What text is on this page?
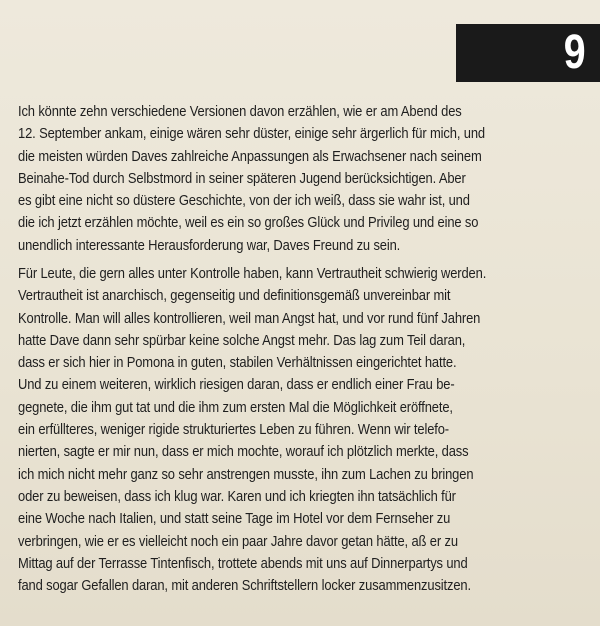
9
Ich könnte zehn verschiedene Versionen davon erzählen, wie er am Abend des
12. September ankam, einige wären sehr düster, einige sehr ärgerlich für mich, und
die meisten würden Daves zahlreiche Anpassungen als Erwachsener nach seinem
Beinahe-Tod durch Selbstmord in seiner späteren Jugend berücksichtigen. Aber
es gibt eine nicht so düstere Geschichte, von der ich weiß, dass sie wahr ist, und
die ich jetzt erzählen möchte, weil es ein so großes Glück und Privileg und eine so
unendlich interessante Herausforderung war, Daves Freund zu sein.
Für Leute, die gern alles unter Kontrolle haben, kann Vertrautheit schwierig werden.
Vertrautheit ist anarchisch, gegenseitig und definitionsgemäß unvereinbar mit
Kontrolle. Man will alles kontrollieren, weil man Angst hat, und vor rund fünf Jahren
hatte Dave dann sehr spürbar keine solche Angst mehr. Das lag zum Teil daran,
dass er sich hier in Pomona in guten, stabilen Verhältnissen eingerichtet hatte.
Und zu einem weiteren, wirklich riesigen daran, dass er endlich einer Frau be-
gegnete, die ihm gut tat und die ihm zum ersten Mal die Möglichkeit eröffnete,
ein erfüllteres, weniger rigide strukturiertes Leben zu führen. Wenn wir telefo-
nierten, sagte er mir nun, dass er mich mochte, worauf ich plötzlich merkte, dass
ich mich nicht mehr ganz so sehr anstrengen musste, ihn zum Lachen zu bringen
oder zu beweisen, dass ich klug war. Karen und ich kriegten ihn tatsächlich für
eine Woche nach Italien, und statt seine Tage im Hotel vor dem Fernseher zu
verbringen, wie er es vielleicht noch ein paar Jahre davor getan hätte, aß er zu
Mittag auf der Terrasse Tintenfisch, trottete abends mit uns auf Dinnerpartys und
fand sogar Gefallen daran, mit anderen Schriftstellern locker zusammenzusitzen.
